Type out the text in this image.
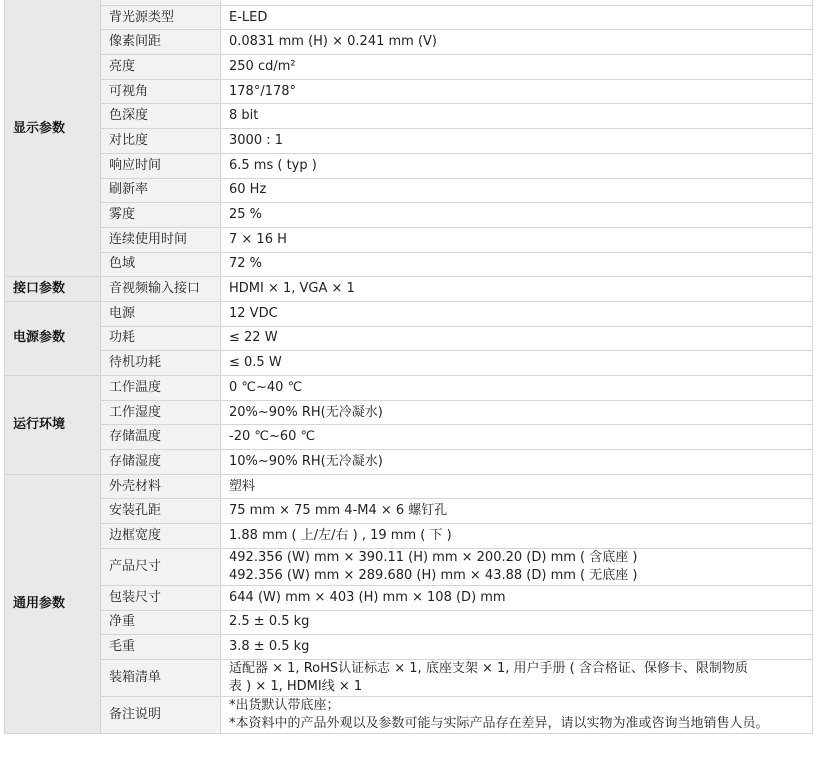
显示参数		

	背光源类型	E-LED

	像素间距	0.0831 mm (H) × 0.241 mm (V)

	亮度	250 cd/m²

	可视角	178°/178°

	色深度	8 bit

	对比度	3000 : 1

	响应时间	6.5 ms ( typ )

	刷新率	60 Hz

	雾度	25 %

	连续使用时间	7 × 16 H

	色域	72 %

接口参数	音视频输入接口	HDMI × 1, VGA × 1

电源参数	电源	12 VDC

	功耗	≤ 22 W

	待机功耗	≤ 0.5 W

运行环境	工作温度	0 ℃~40 ℃

	工作湿度	20%~90% RH(无冷凝水)

	存储温度	-20 ℃~60 ℃

	存储湿度	10%~90% RH(无冷凝水)

通用参数	外壳材料	塑料

	安装孔距	75 mm × 75 mm 4-M4 × 6 螺钉孔

	边框宽度	1.88 mm ( 上/左/右 ) , 19 mm ( 下 )

	产品尺寸	492.356 (W) mm × 390.11 (H) mm × 200.20 (D) mm ( 含底座 )
492.356 (W) mm × 289.680 (H) mm × 43.88 (D) mm ( 无底座 )

	包装尺寸	644 (W) mm × 403 (H) mm × 108 (D) mm

	净重	2.5 ± 0.5 kg

	毛重	3.8 ± 0.5 kg

	装箱清单	适配器 × 1, RoHS认证标志 × 1, 底座支架 × 1, 用户手册 ( 含合格证、保修卡、限制物质
表 ) × 1, HDMI线 × 1

	备注说明	*出货默认带底座；
*本资料中的产品外观以及参数可能与实际产品存在差异，请以实物为准或咨询当地销售人员。
